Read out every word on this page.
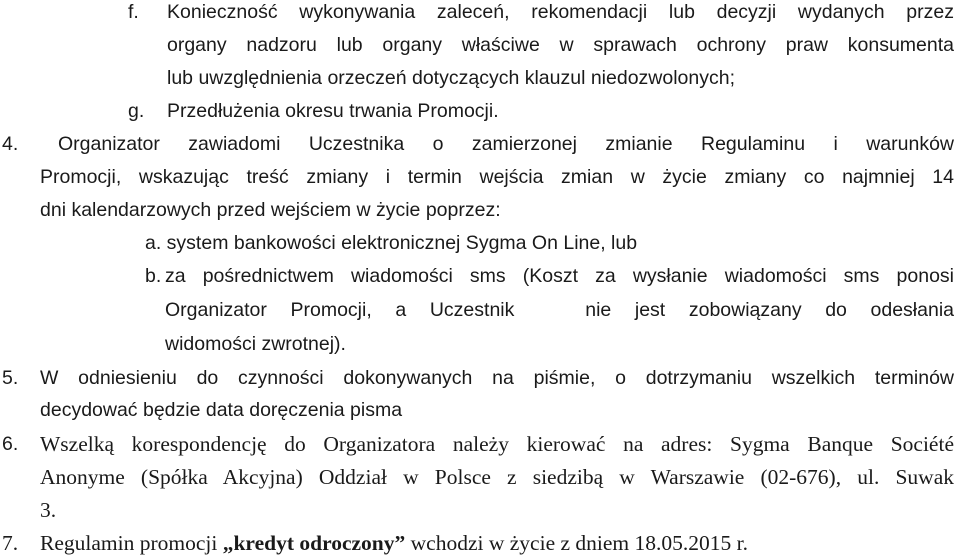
f. Konieczność wykonywania zaleceń, rekomendacji lub decyzji wydanych przez
organy nadzoru lub organy właściwe w sprawach ochrony praw konsumenta
lub uwzględnienia orzeczeń dotyczących klauzul niedozwolonych;
g. Przedłużenia okresu trwania Promocji.
4. Organizator zawiadomi Uczestnika o zamierzonej zmianie Regulaminu i warunków
Promocji, wskazując treść zmiany i termin wejścia zmian w życie zmiany co najmniej 14
dni kalendarzowych przed wejściem w życie poprzez:
a. system bankowości elektronicznej Sygma On Line, lub
b. za pośrednictwem wiadomości sms (Koszt za wysłanie wiadomości sms ponosi
Organizator Promocji, a Uczestnik   nie jest zobowiązany do odesłania
widomości zwrotnej).
5. W odniesieniu do czynności dokonywanych na piśmie, o dotrzymaniu wszelkich terminów
decydować będzie data doręczenia pisma
6. Wszelką korespondencję do Organizatora należy kierować na adres: Sygma Banque Société
Anonyme (Spółka Akcyjna) Oddział w Polsce z siedzibą w Warszawie (02-676), ul. Suwak
3.
7. Regulamin promocji „kredyt odroczony” wchodzi w życie z dniem 18.05.2015 r.
